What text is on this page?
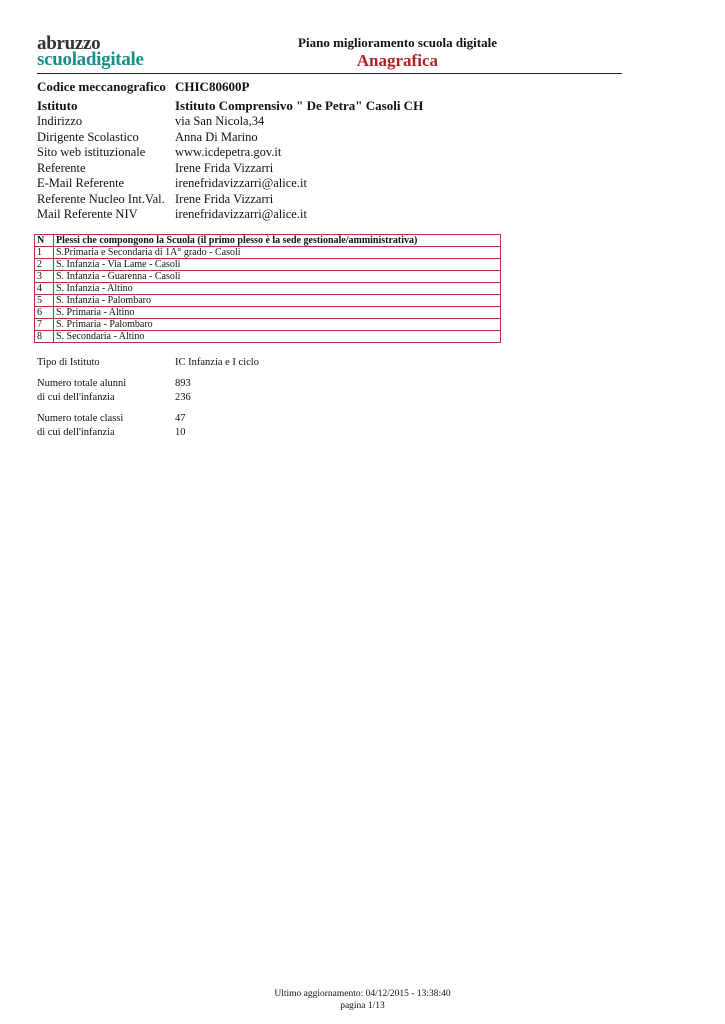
abruzzo
scuoladigitale
Piano miglioramento scuola digitale
Anagrafica
Codice meccanografico CHIC80600P
Istituto	Istituto Comprensivo " De Petra" Casoli CH
Indirizzo	via San Nicola,34
Dirigente Scolastico	Anna Di Marino
Sito web istituzionale www.icdepetra.gov.it
Referente	Irene Frida Vizzarri
E-Mail Referente	irenefridavizzarri@alice.it
Referente Nucleo Int.Val. Irene Frida Vizzarri
Mail Referente NIV	irenefridavizzarri@alice.it
N	Plessi che compongono la Scuola (il primo plesso è la sede gestionale/amministrativa)
1	S.Primaria e Secondaria di 1A° grado - Casoli
2	S. Infanzia - Via Lame - Casoli
3	S. Infanzia - Guarenna - Casoli
4	S. Infanzia - Altino
5	S. Infanzia - Palombaro
6	S. Primaria - Altino
7	S. Primaria - Palombaro
8	S. Secondaria - Altino
Tipo di Istituto	IC Infanzia e I ciclo
Numero totale alunni	893
di cui dell'infanzia	236
Numero totale classi	47
di cui dell'infanzia	10
Ultimo aggiornamento: 04/12/2015 - 13:38:40
pagina 1/13
